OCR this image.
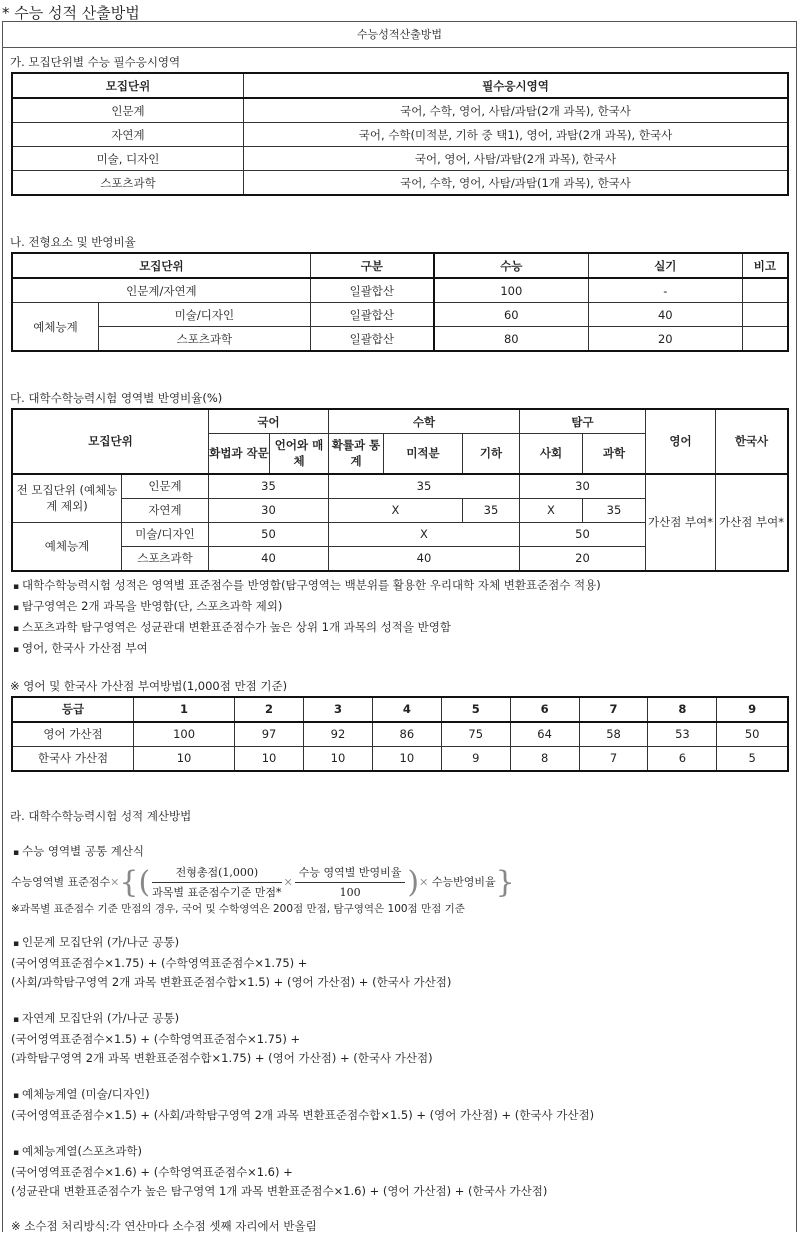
* 수능 성적 산출방법
수능성적산출방법
가. 모집단위별 수능 필수응시영역
모집단위	필수응시영역
인문계	국어, 수학, 영어, 사탐/과탐(2개 과목), 한국사
자연계	국어, 수학(미적분, 기하 중 택1), 영어, 과탐(2개 과목), 한국사
미술, 디자인	국어, 영어, 사탐/과탐(2개 과목), 한국사
스포츠과학	국어, 수학, 영어, 사탐/과탐(1개 과목), 한국사
나. 전형요소 및 반영비율
모집단위		구분	수능	실기	비고
인문계/자연계		일괄합산	100	-	
예체능계	미술/디자인	일괄합산	60	40	
	스포츠과학	일괄합산	80	20	
다. 대학수학능력시험 영역별 반영비율(%)
모집단위		국어		수학			탐구		영어	한국사
		화법과 작문	언어와 매체	확률과 통계	미적분	기하	사회	과학		
전 모집단위 (예체능계 제외)	인문계	35		35			30		가산점 부여*	가산점 부여*
	자연계	30		X		35	X	35		
예체능계	미술/디자인	50		X			50			
	스포츠과학	40		40			20			
▪ 대학수학능력시험 성적은 영역별 표준점수를 반영함(탐구영역는 백분위를 활용한 우리대학 자체 변환표준점수 적용)
▪ 탐구영역은 2개 과목을 반영함(단, 스포츠과학 제외)
▪ 스포츠과학 탐구영역은 성균관대 변환표준점수가 높은 상위 1개 과목의 성적을 반영함
▪ 영어, 한국사 가산점 부여
※ 영어 및 한국사 가산점 부여방법(1,000점 만점 기준)
등급	1	2	3	4	5	6	7	8	9
영어 가산점	100	97	92	86	75	64	58	53	50
한국사 가산점	10	10	10	10	9	8	7	6	5
라. 대학수학능력시험 성적 계산방법
▪ 수능 영역별 공통 계산식
수능영역별 표준점수×{( $\frac{\text{전형총점(1,000)}}{\text{과목별 표준점수기준 만점*}} \times \frac{\text{수능 영역별 반영비율}}{100}$ )× 수능반영비율}
※과목별 표준점수 기준 만점의 경우, 국어 및 수학영역은 200점 만점, 탐구영역은 100점 만점 기준
▪ 인문계 모집단위 (가/나군 공통)
(국어영역표준점수×1.75) + (수학영역표준점수×1.75) +
(사회/과학탐구영역 2개 과목 변환표준점수합×1.5) + (영어 가산점) + (한국사 가산점)
▪ 자연계 모집단위 (가/나군 공통)
(국어영역표준점수×1.5) + (수학영역표준점수×1.75) +
(과학탐구영역 2개 과목 변환표준점수합×1.75) + (영어 가산점) + (한국사 가산점)
▪ 예체능계열 (미술/디자인)
(국어영역표준점수×1.5) + (사회/과학탐구영역 2개 과목 변환표준점수합×1.5) + (영어 가산점) + (한국사 가산점)
▪ 예체능계열(스포츠과학)
(국어영역표준점수×1.6) + (수학영역표준점수×1.6) +
(성균관대 변환표준점수가 높은 탐구영역 1개 과목 변환표준점수×1.6) + (영어 가산점) + (한국사 가산점)
※ 소수점 처리방식:각 연산마다 소수점 셋째 자리에서 반올림
